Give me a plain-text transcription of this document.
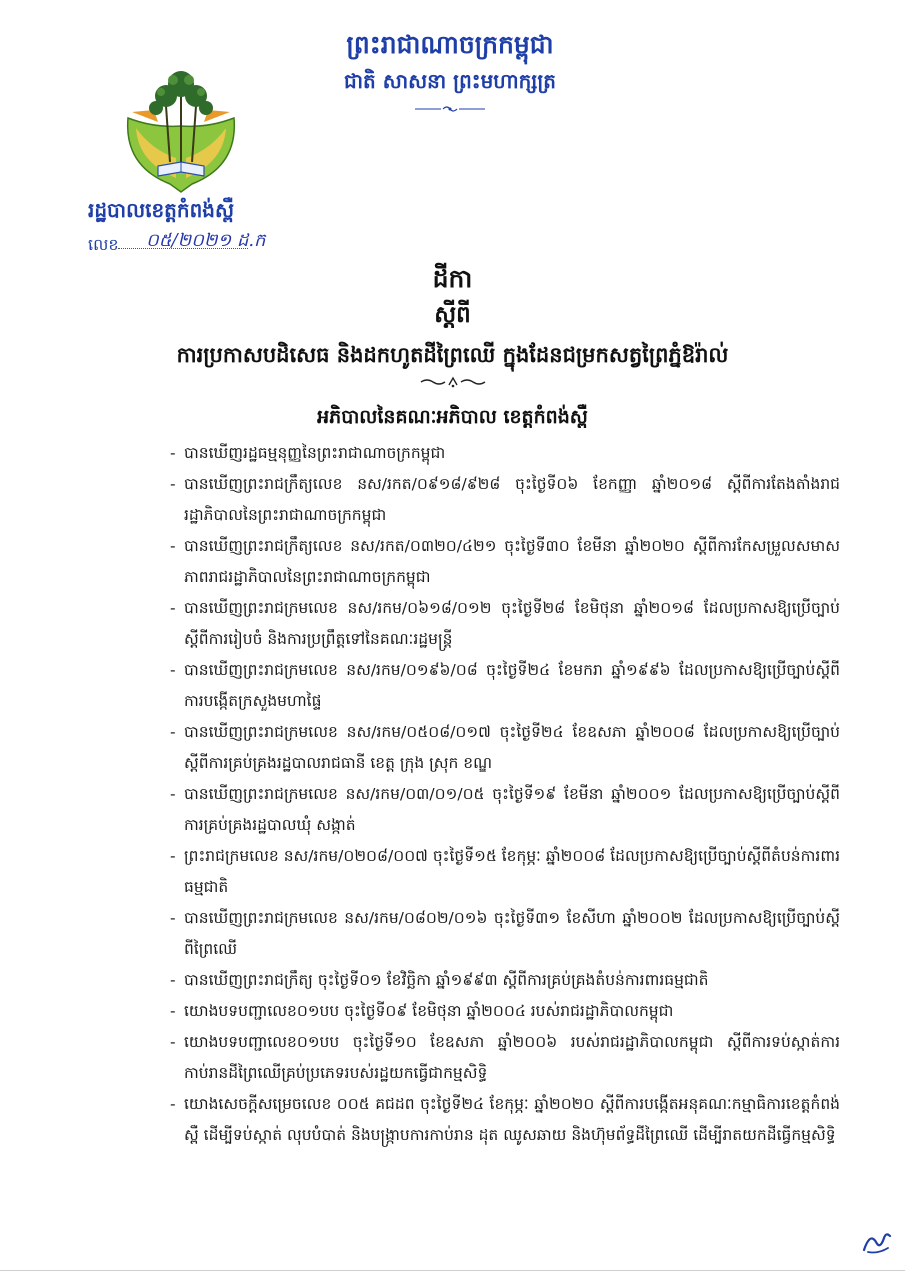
ព្រះរាជាណាចក្រកម្ពុជា
ជាតិ សាសនា ព្រះមហាក្សត្រ
រដ្ឋបាលខេត្តកំពង់ស្ពឺ
លេខ ០៥/២០២១ ដ.ក
ដីកា
ស្តីពី
ការប្រកាសបដិសេធ និងដកហូតដីព្រៃឈើ ក្នុងដែនជម្រកសត្វព្រៃភ្នំឱរ៉ាល់
អភិបាលនៃគណៈអភិបាល ខេត្តកំពង់ស្ពឺ
- បានឃើញរដ្ឋធម្មនុញ្ញនៃព្រះរាជាណាចក្រកម្ពុជា
- បានឃើញព្រះរាជក្រឹត្យលេខ នស/រកត/០៩១៨/៩២៨ ចុះថ្ងៃទី០៦ ខែកញ្ញា ឆ្នាំ២០១៨ ស្តីពីការតែងតាំងរាជរដ្ឋាភិបាលនៃព្រះរាជាណាចក្រកម្ពុជា
- បានឃើញព្រះរាជក្រឹត្យលេខ នស/រកត/០៣២០/៤២១ ចុះថ្ងៃទី៣០ ខែមីនា ឆ្នាំ២០២០ ស្តីពីការកែសម្រួលសមាសភាពរាជរដ្ឋាភិបាលនៃព្រះរាជាណាចក្រកម្ពុជា
- បានឃើញព្រះរាជក្រមលេខ នស/រកម/០៦១៨/០១២ ចុះថ្ងៃទី២៨ ខែមិថុនា ឆ្នាំ២០១៨ ដែលប្រកាសឱ្យប្រើច្បាប់ស្តីពីការរៀបចំ និងការប្រព្រឹត្តទៅនៃគណៈរដ្ឋមន្ត្រី
- បានឃើញព្រះរាជក្រមលេខ នស/រកម/០១៩៦/០៨ ចុះថ្ងៃទី២៤ ខែមករា ឆ្នាំ១៩៩៦ ដែលប្រកាសឱ្យប្រើច្បាប់ស្តីពីការបង្កើតក្រសួងមហាផ្ទៃ
- បានឃើញព្រះរាជក្រមលេខ នស/រកម/០៥០៨/០១៧ ចុះថ្ងៃទី២៤ ខែឧសភា ឆ្នាំ២០០៨ ដែលប្រកាសឱ្យប្រើច្បាប់ស្តីពីការគ្រប់គ្រងរដ្ឋបាលរាជធានី ខេត្ត ក្រុង ស្រុក ខណ្ឌ
- បានឃើញព្រះរាជក្រមលេខ នស/រកម/០៣/០១/០៥ ចុះថ្ងៃទី១៩ ខែមីនា ឆ្នាំ២០០១ ដែលប្រកាសឱ្យប្រើច្បាប់ស្តីពីការគ្រប់គ្រងរដ្ឋបាលឃុំ សង្កាត់
- ព្រះរាជក្រមលេខ នស/រកម/០២០៨/០០៧ ចុះថ្ងៃទី១៥ ខែកុម្ភៈ ឆ្នាំ២០០៨ ដែលប្រកាសឱ្យប្រើច្បាប់ស្តីពីតំបន់ការពារធម្មជាតិ
- បានឃើញព្រះរាជក្រមលេខ នស/រកម/០៨០២/០១៦ ចុះថ្ងៃទី៣១ ខែសីហា ឆ្នាំ២០០២ ដែលប្រកាសឱ្យប្រើច្បាប់ស្តីពីព្រៃឈើ
- បានឃើញព្រះរាជក្រឹត្យ ចុះថ្ងៃទី០១ ខែវិច្ឆិកា ឆ្នាំ១៩៩៣ ស្តីពីការគ្រប់គ្រងតំបន់ការពារធម្មជាតិ
- យោងបទបញ្ជាលេខ០១បប ចុះថ្ងៃទី០៩ ខែមិថុនា ឆ្នាំ២០០៤ របស់រាជរដ្ឋាភិបាលកម្ពុជា
- យោងបទបញ្ជាលេខ០១បប ចុះថ្ងៃទី១០ ខែឧសភា ឆ្នាំ២០០៦ របស់រាជរដ្ឋាភិបាលកម្ពុជា ស្តីពីការទប់ស្កាត់ការកាប់រានដីព្រៃឈើគ្រប់ប្រភេទរបស់រដ្ឋយកធ្វើជាកម្មសិទ្ធិ
- យោងសេចក្តីសម្រេចលេខ ០០៥ គជដព ចុះថ្ងៃទី២៤ ខែកុម្ភៈ ឆ្នាំ២០២០ ស្តីពីការបង្កើតអនុគណៈកម្មាធិការខេត្តកំពង់ស្ពឺ ដើម្បីទប់ស្កាត់ លុបបំបាត់ និងបង្រ្កាបការកាប់រាន ដុត ឈូសឆាយ និងហ៊ុមព័ទ្ធដីព្រៃឈើ ដើម្បីរាតយកដីធ្វើកម្មសិទ្ធិ
